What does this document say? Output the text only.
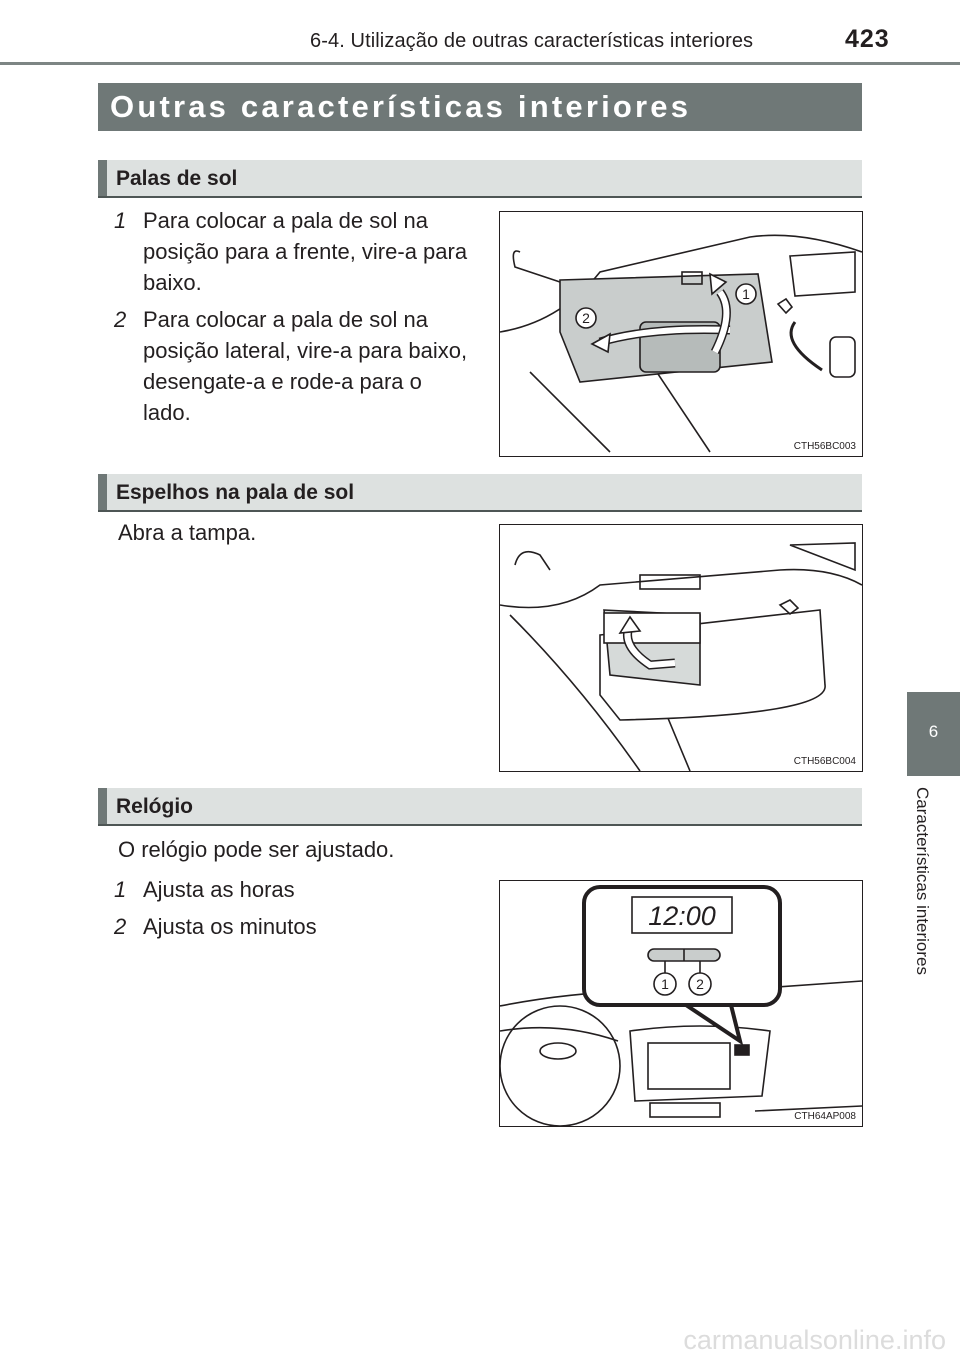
6-4. Utilização de outras características interiores	423
Outras características interiores
Palas de sol
1 Para colocar a pala de sol na posição para a frente, vire-a para baixo.
2 Para colocar a pala de sol na posição lateral, vire-a para baixo, desengate-a e rode-a para o lado.
1
2
CTH56BC003
Espelhos na pala de sol
Abra a tampa.
CTH56BC004
Relógio
O relógio pode ser ajustado.
1 Ajusta as horas
2 Ajusta os minutos	12:00
1 2
CTH64AP008
6
Características interiores
carmanualsonline.info
